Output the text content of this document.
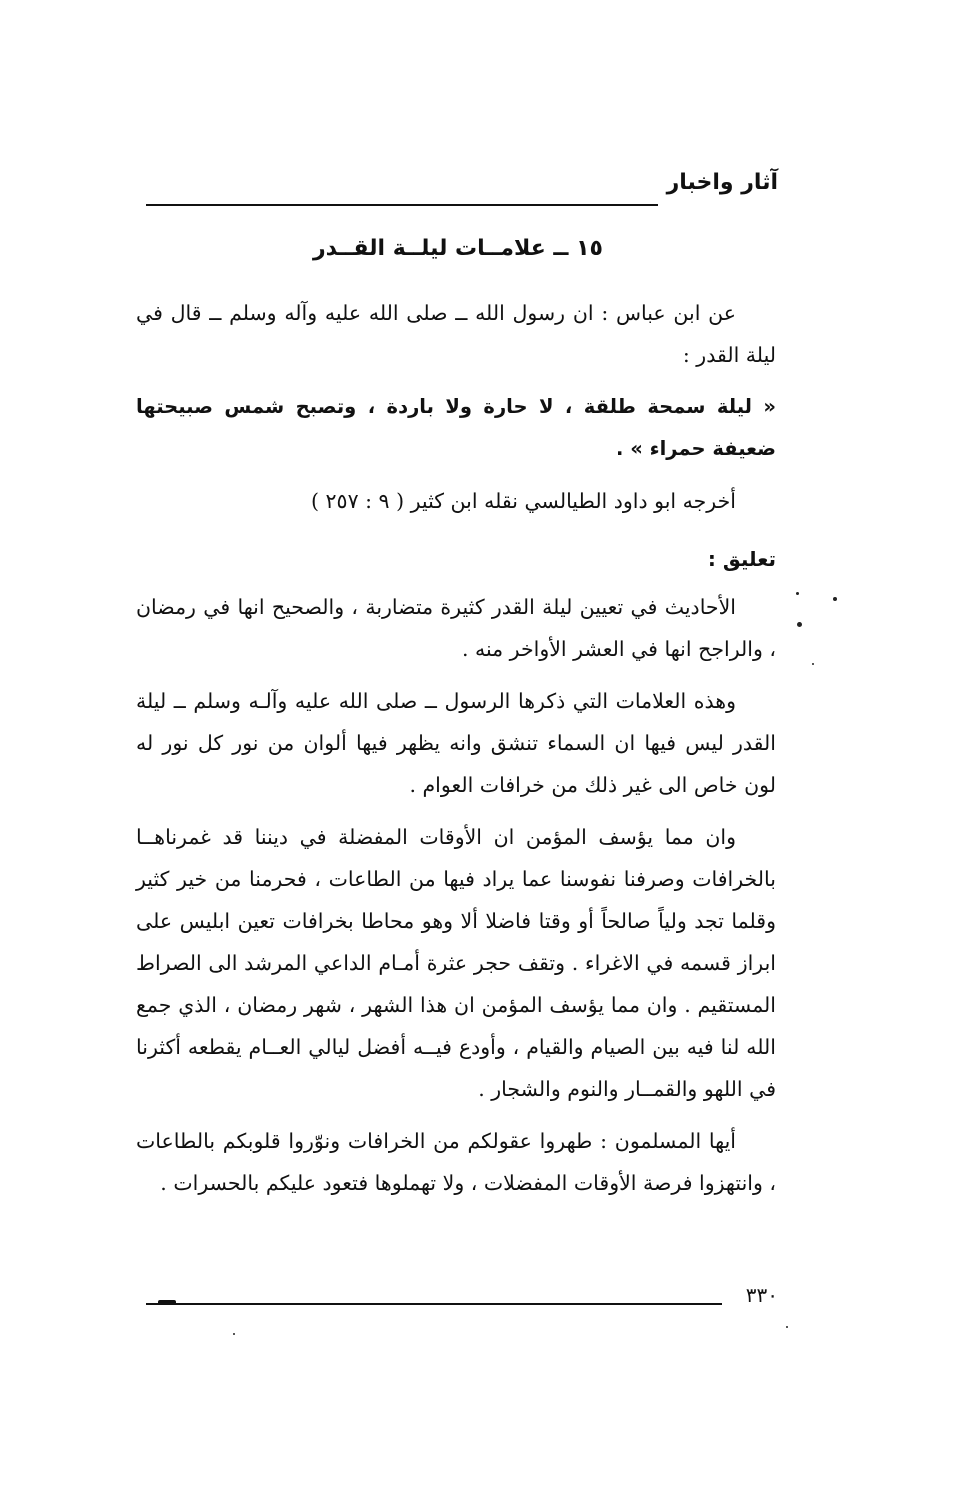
آثار واخبار
١٥ ــ علامــات ليلــة القــدر

عن ابن عباس : ان رسول الله ــ صلى الله عليه وآله وسلم ــ قال في ليلة القدر :

« ليلة سمحة طلقة ، لا حارة ولا باردة ، وتصبح شمس صبيحتها ضعيفة حمراء » .

أخرجه ابو داود الطيالسي نقله ابن كثير ( ٩ : ٢٥٧ )

تعليق :

الأحاديث في تعيين ليلة القدر كثيرة متضاربة ، والصحيح انها في رمضان ، والراجح انها في العشر الأواخر منه .

وهذه العلامات التي ذكرها الرسول ــ صلى الله عليه وآلـه وسلم ــ ليلة القدر ليس فيها ان السماء تنشق وانه يظهر فيها ألوان من نور كل نور له لون خاص الى غير ذلك من خرافات العوام .

وان مما يؤسف المؤمن ان الأوقات المفضلة في ديننا قد غمرناهــا بالخرافات وصرفنا نفوسنا عما يراد فيها من الطاعات ، فحرمنا من خير كثير وقلما تجد ولياً صالحاً أو وقتا فاضلا ألا وهو محاطا بخرافات تعين ابليس على ابراز قسمه في الاغراء . وتقف حجر عثرة أمـام الداعي المرشد الى الصراط المستقيم . وان مما يؤسف المؤمن ان هذا الشهر ، شهر رمضان ، الذي جمع الله لنا فيه بين الصيام والقيام ، وأودع فيــه أفضل ليالي العــام يقطعه أكثرنا في اللهو والقمــار والنوم والشجار .

أيها المسلمون : طهروا عقولكم من الخرافات ونوّروا قلوبكم بالطاعات ، وانتهزوا فرصة الأوقات المفضلات ، ولا تهملوها فتعود عليكم بالحسرات .

٣٣٠
